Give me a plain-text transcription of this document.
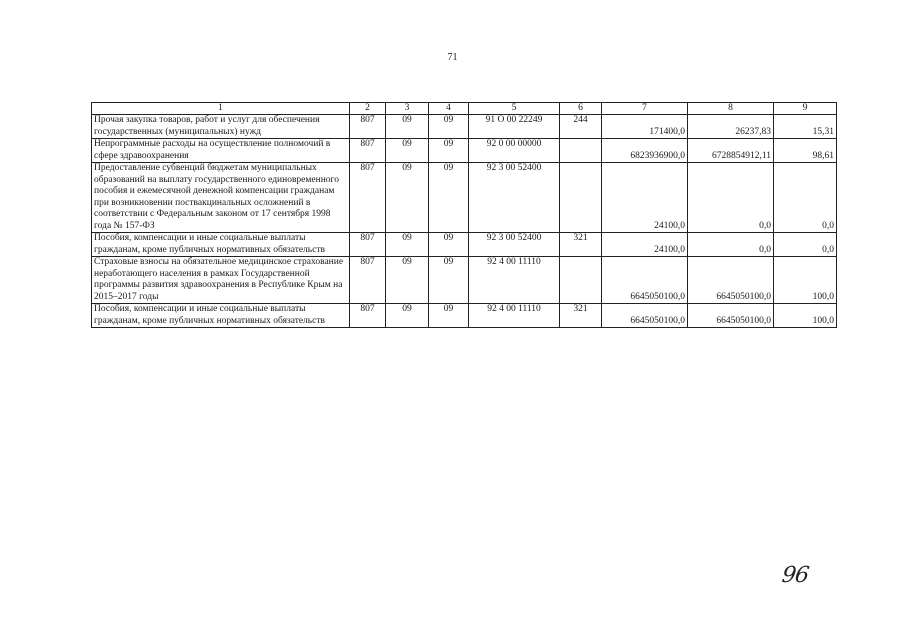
71
1	2	3	4	5	6	7	8	9
Прочая закупка товаров, работ и услуг для обеспечения государственных (муниципальных) нужд	807	09	09	91 О 00 22249	244	171400,0	26237,83	15,31
Непрограммные расходы на осуществление полномочий в сфере здравоохранения	807	09	09	92 0 00 00000		6823936900,0	6728854912,11	98,61
Предоставление субвенций бюджетам муниципальных образований на выплату государственного единовременного пособия и ежемесячной денежной компенсации гражданам при возникновении поствакцинальных осложнений в соответствии с Федеральным законом от 17 сентября 1998 года № 157-ФЗ	807	09	09	92 3 00 52400		24100,0	0,0	0,0
Пособия, компенсации и иные социальные выплаты гражданам, кроме публичных нормативных обязательств	807	09	09	92 3 00 52400	321	24100,0	0,0	0,0
Страховые взносы на обязательное медицинское страхование неработающего населения в рамках Государственной программы развития здравоохранения в Республике Крым на 2015–2017 годы	807	09	09	92 4 00 11110		6645050100,0	6645050100,0	100,0
Пособия, компенсации и иные социальные выплаты гражданам, кроме публичных нормативных обязательств	807	09	09	92 4 00 11110	321	6645050100,0	6645050100,0	100,0
96
